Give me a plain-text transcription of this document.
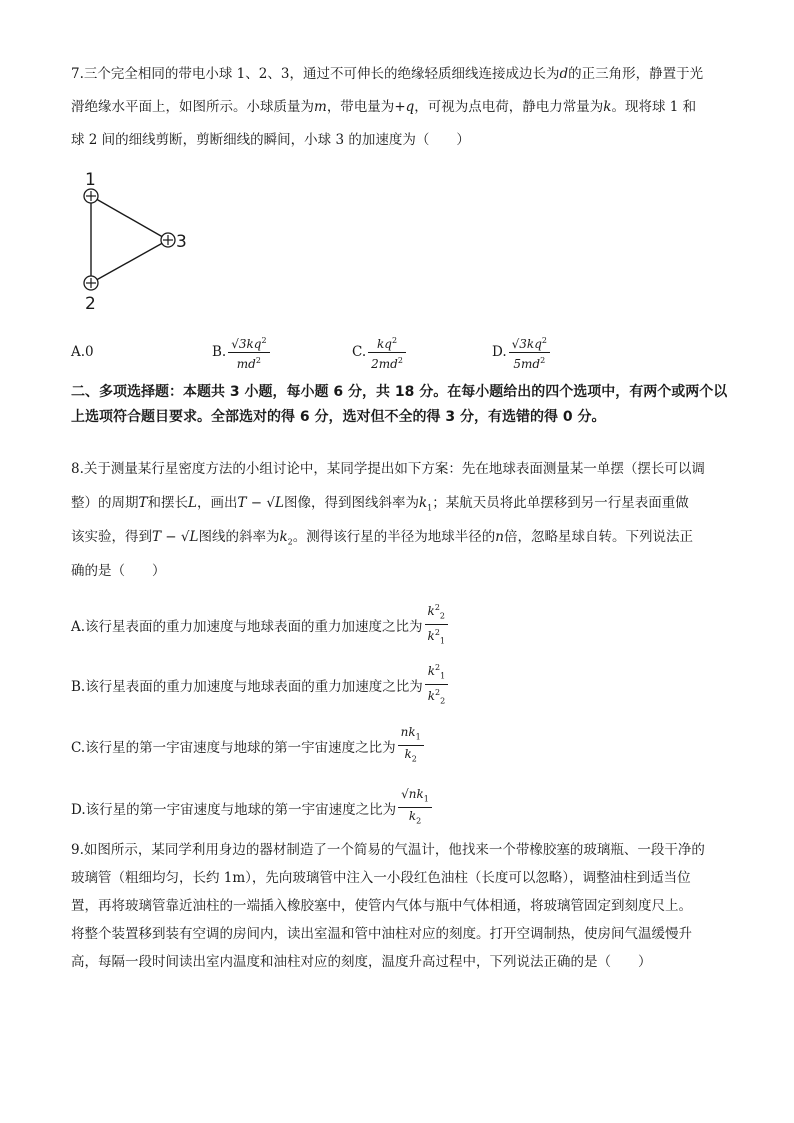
7.三个完全相同的带电小球 1、2、3，通过不可伸长的绝缘轻质细线连接成边长为d的正三角形，静置于光

滑绝缘水平面上，如图所示。小球质量为m，带电量为+q，可视为点电荷，静电力常量为k。现将球 1 和

球 2 间的细线剪断，剪断细线的瞬间，小球 3 的加速度为（　　）

1
2
3
A.0	B. $\frac{√3kq^2}{md^2}$	C. $\frac{kq^2}{2md^2}$	D. $\frac{√3kq^2}{5md^2}$

二、多项选择题：本题共 3 小题，每小题 6 分，共 18 分。在每小题给出的四个选项中，有两个或两个以上选项符合题目要求。全部选对的得 6 分，选对但不全的得 3 分，有选错的得 0 分。

8.关于测量某行星密度方法的小组讨论中，某同学提出如下方案：先在地球表面测量某一单摆（摆长可以调

整）的周期T和摆长L，画出T − √L图像，得到图线斜率为$k_1$；某航天员将此单摆移到另一行星表面重做

该实验，得到T − √L图线的斜率为$k_2$。测得该行星的半径为地球半径的n倍，忽略星球自转。下列说法正

确的是（　　）

A.该行星表面的重力加速度与地球表面的重力加速度之比为 $\frac{k^2_2}{k^2_1}$
B.该行星表面的重力加速度与地球表面的重力加速度之比为 $\frac{k^2_1}{k^2_2}$
C.该行星的第一宇宙速度与地球的第一宇宙速度之比为 $\frac{nk_1}{k_2}$
D.该行星的第一宇宙速度与地球的第一宇宙速度之比为 $\frac{√nk_1}{k_2}$

9.如图所示，某同学利用身边的器材制造了一个简易的气温计，他找来一个带橡胶塞的玻璃瓶、一段干净的

玻璃管（粗细均匀，长约 1m），先向玻璃管中注入一小段红色油柱（长度可以忽略），调整油柱到适当位

置，再将玻璃管靠近油柱的一端插入橡胶塞中，使管内气体与瓶中气体相通，将玻璃管固定到刻度尺上。

将整个装置移到装有空调的房间内，读出室温和管中油柱对应的刻度。打开空调制热，使房间气温缓慢升

高，每隔一段时间读出室内温度和油柱对应的刻度，温度升高过程中，下列说法正确的是（　　）
